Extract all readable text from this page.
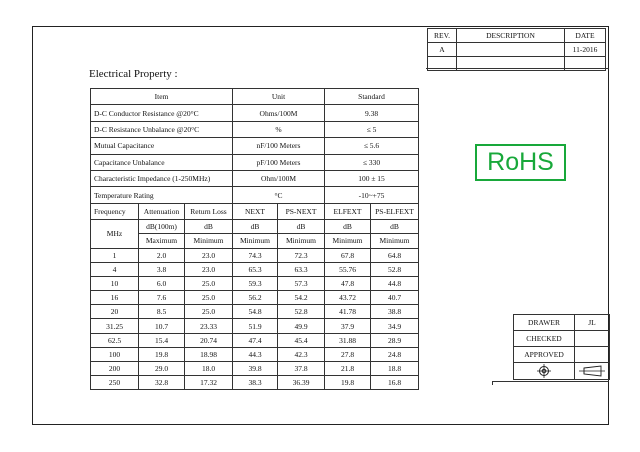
REV.	DESCRIPTION	DATE
A		11-2016

Electrical Property :
Item			Unit		Standard	
D-C Conductor Resistance @20°C			Ohms/100M		9.38	
D-C Resistance Unbalance @20°C			%		≤ 5	
Mutual Capacitance			nF/100 Meters		≤ 5.6	
Capacitance Unbalance			pF/100 Meters		≤ 330	
Characteristic Impedance (1-250MHz)			Ohm/100M		100 ± 15	
Temperature Rating			°C		-10~+75	
Frequency	Attenuation	Return Loss	NEXT	PS-NEXT	ELFEXT	PS-ELFEXT
MHz	dB(100m)	dB	dB	dB	dB	dB
	Maximum	Minimum	Minimum	Minimum	Minimum	Minimum
1	2.0	23.0	74.3	72.3	67.8	64.8
4	3.8	23.0	65.3	63.3	55.76	52.8
10	6.0	25.0	59.3	57.3	47.8	44.8
16	7.6	25.0	56.2	54.2	43.72	40.7
20	8.5	25.0	54.8	52.8	41.78	38.8
31.25	10.7	23.33	51.9	49.9	37.9	34.9
62.5	15.4	20.74	47.4	45.4	31.88	28.9
100	19.8	18.98	44.3	42.3	27.8	24.8
200	29.0	18.0	39.8	37.8	21.8	18.8
250	32.8	17.32	38.3	36.39	19.8	16.8
RoHS
DRAWER	JL
CHECKED	
APPROVED	
